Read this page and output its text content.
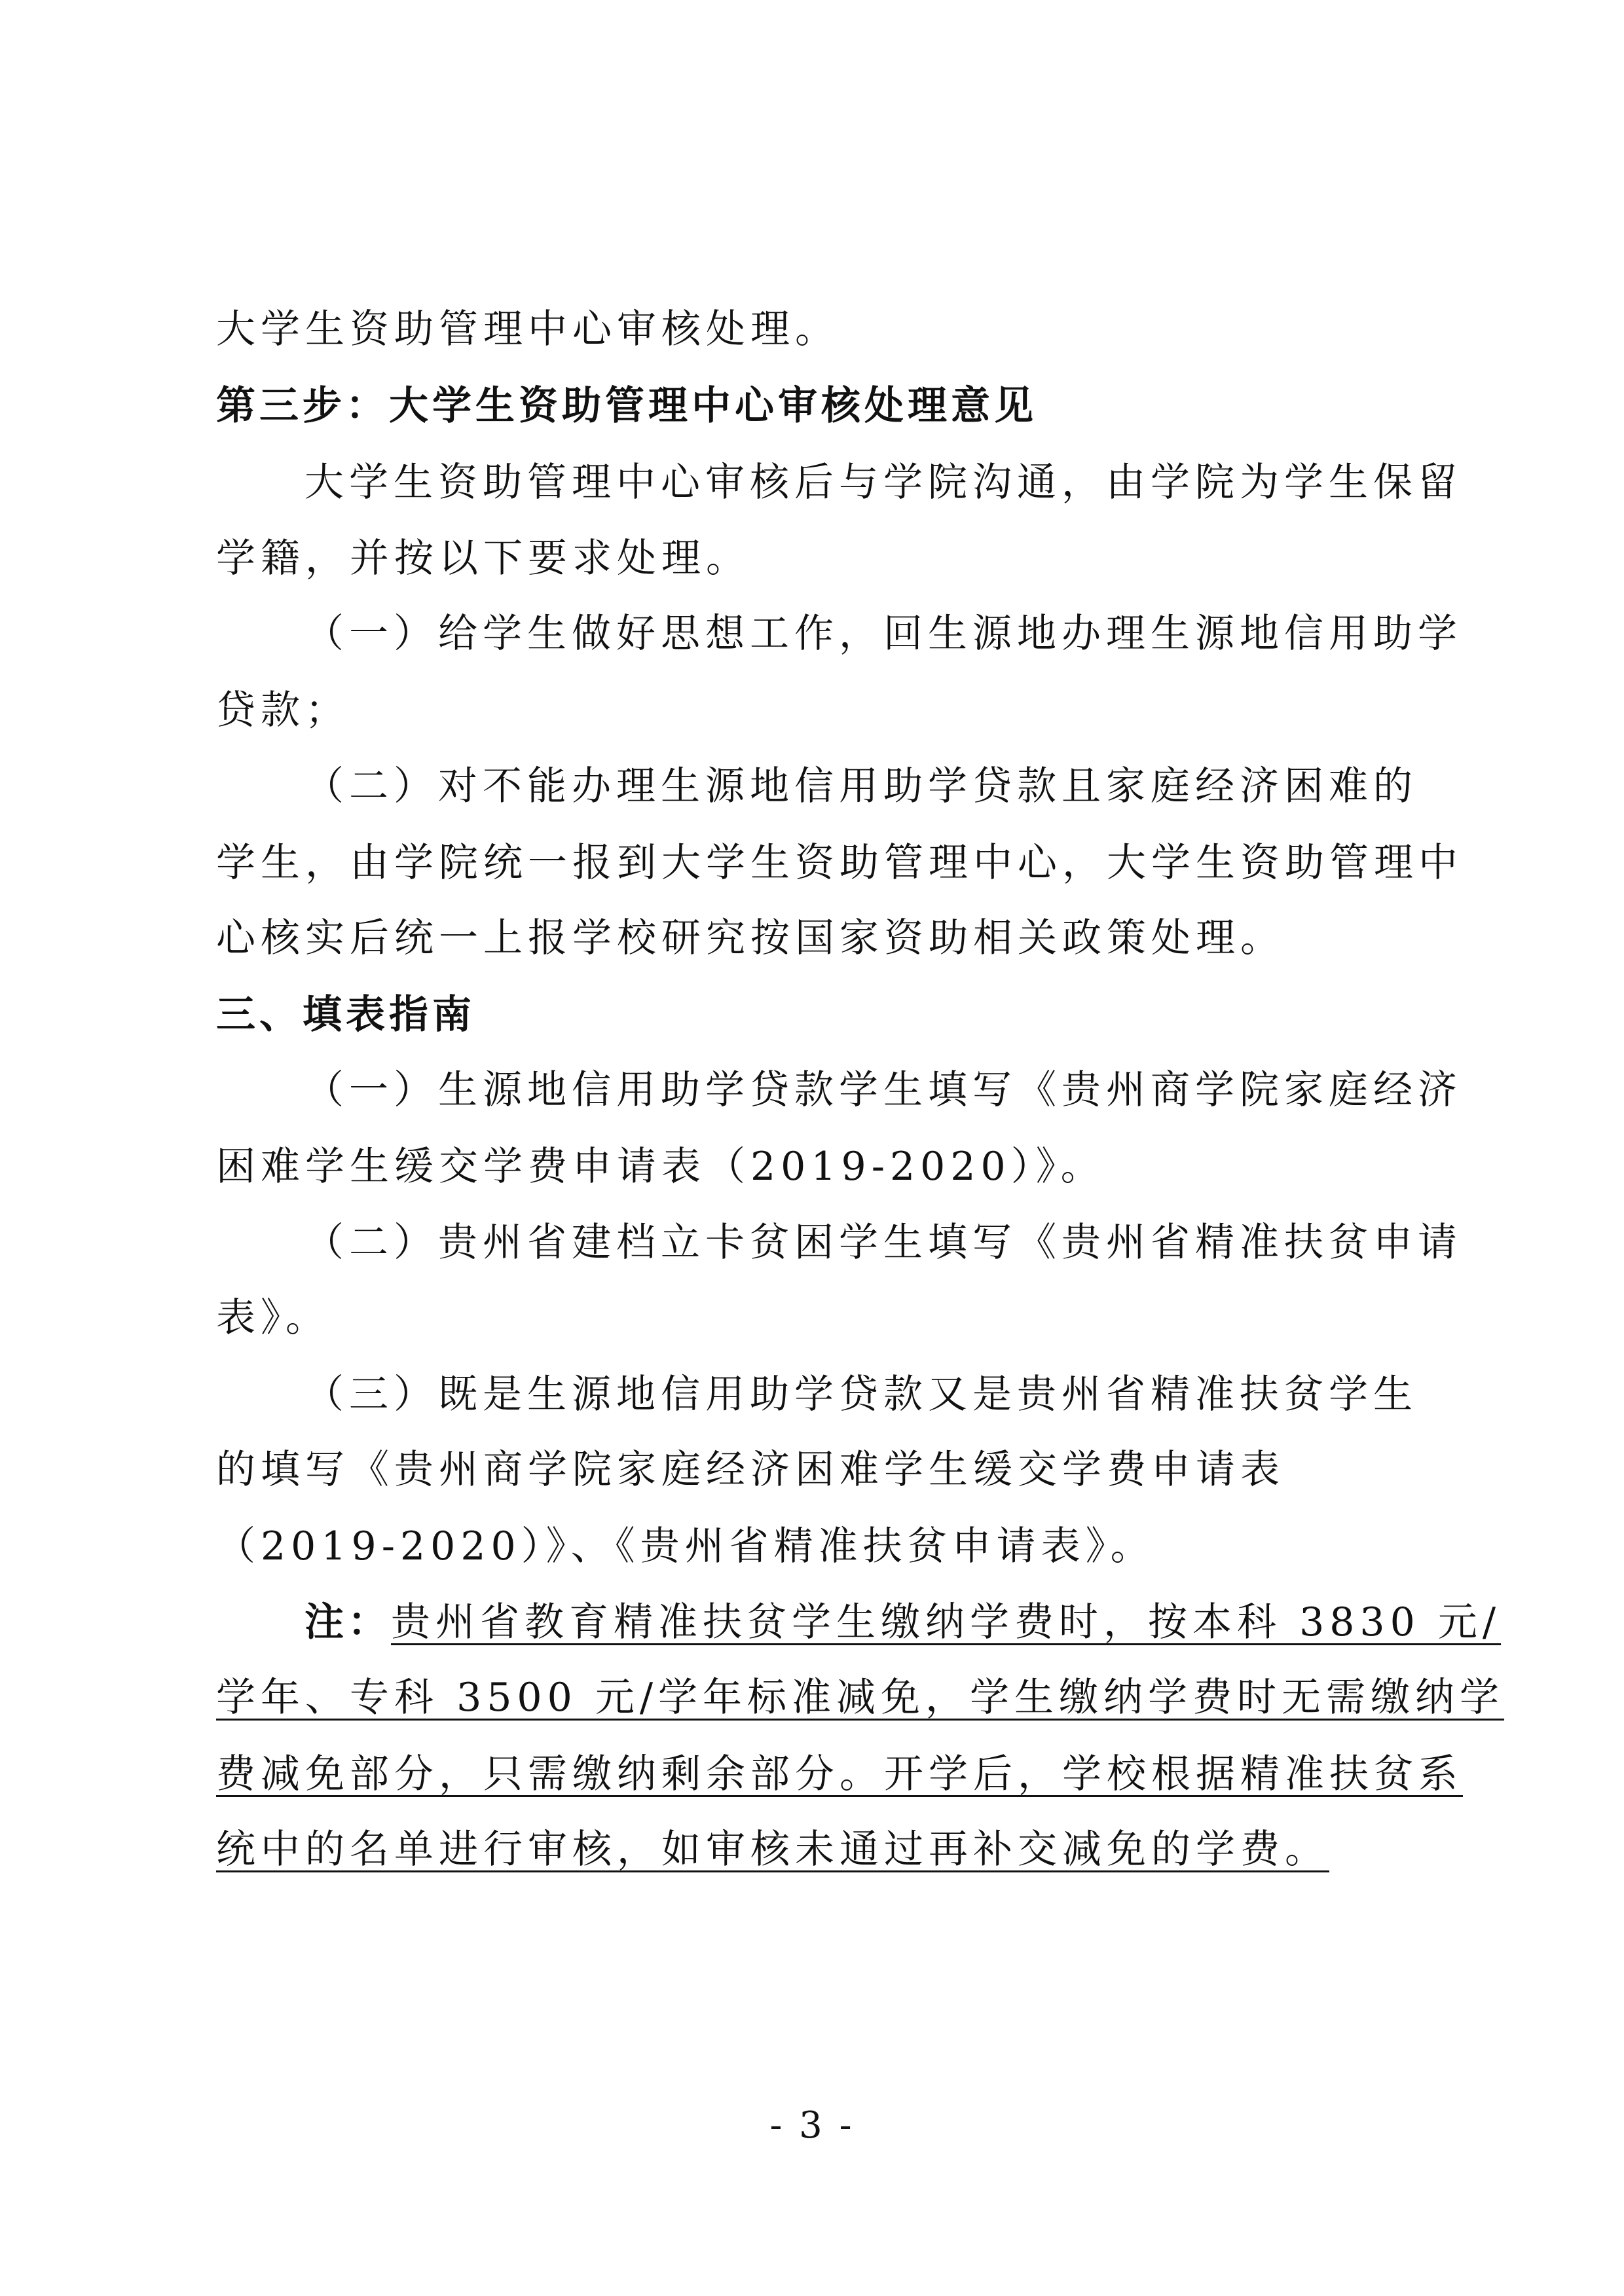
大学生资助管理中心审核处理。
第三步：大学生资助管理中心审核处理意见
大学生资助管理中心审核后与学院沟通，由学院为学生保留
学籍，并按以下要求处理。
（一）给学生做好思想工作，回生源地办理生源地信用助学
贷款；
（二）对不能办理生源地信用助学贷款且家庭经济困难的
学生，由学院统一报到大学生资助管理中心，大学生资助管理中
心核实后统一上报学校研究按国家资助相关政策处理。
三、填表指南
（一）生源地信用助学贷款学生填写《贵州商学院家庭经济
困难学生缓交学费申请表（2019-2020）》。
（二）贵州省建档立卡贫困学生填写《贵州省精准扶贫申请
表》。
（三）既是生源地信用助学贷款又是贵州省精准扶贫学生
的填写《贵州商学院家庭经济困难学生缓交学费申请表
（2019-2020）》、《贵州省精准扶贫申请表》。
注：贵州省教育精准扶贫学生缴纳学费时，按本科 3830 元/
学年、专科 3500 元/学年标准减免，学生缴纳学费时无需缴纳学
费减免部分，只需缴纳剩余部分。开学后，学校根据精准扶贫系
统中的名单进行审核，如审核未通过再补交减免的学费。
- 3 -
